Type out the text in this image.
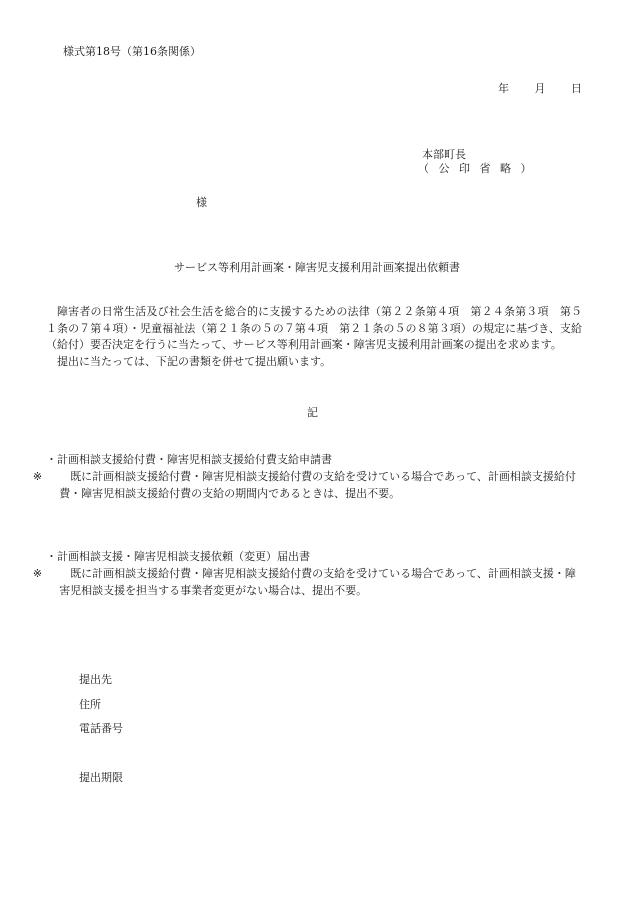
様式第18号（第16条関係）
年 月 日
本部町長
（ 公 印 省 略 ）
様
サービス等利用計画案・障害児支援利用計画案提出依頼書

障害者の日常生活及び社会生活を総合的に支援するための法律（第２２条第４項　第２４条第３項　第５１条の７第４項）・児童福祉法（第２１条の５の７第４項　第２１条の５の８第３項）の規定に基づき、支給（給付）要否決定を行うに当たって、サービス等利用計画案・障害児支援利用計画案の提出を求めます。

提出に当たっては、下記の書類を併せて提出願います。

記
・計画相談支援給付費・障害児相談支援給付費支給申請書
※	既に計画相談支援給付費・障害児相談支援給付費の支給を受けている場合であって、計画相談支援給付費・障害児相談支援給付費の支給の期間内であるときは、提出不要。
・計画相談支援・障害児相談支援依頼（変更）届出書
※	既に計画相談支援給付費・障害児相談支援給付費の支給を受けている場合であって、計画相談支援・障害児相談支援を担当する事業者変更がない場合は、提出不要。
提出先
住所
電話番号
提出期限
